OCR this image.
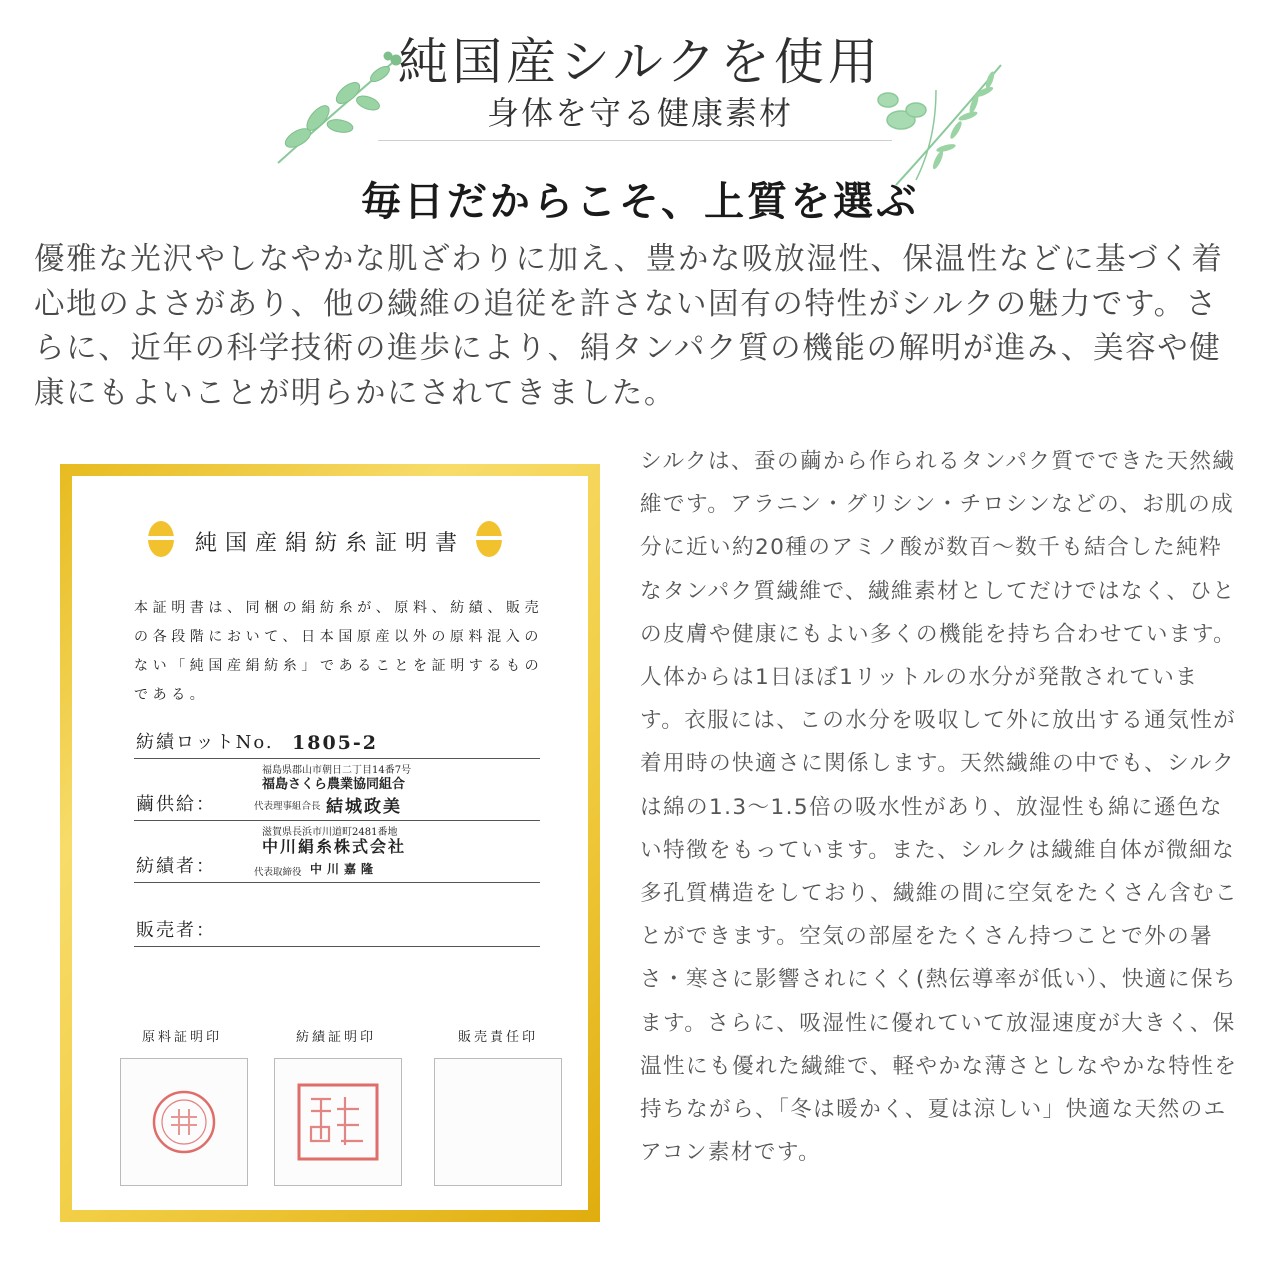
純国産シルクを使用
身体を守る健康素材
毎日だからこそ、上質を選ぶ

優雅な光沢やしなやかな肌ざわりに加え、豊かな吸放湿性、保温性などに基づく着心地のよさがあり、他の繊維の追従を許さない固有の特性がシルクの魅力です。さらに、近年の科学技術の進歩により、絹タンパク質の機能の解明が進み、美容や健康にもよいことが明らかにされてきました。

純国産絹紡糸証明書

本証明書は、同梱の絹紡糸が、原料、紡績、販売の各段階において、日本国原産以外の原料混入のない「純国産絹紡糸」であることを証明するものである。

紡績ロットNo. 1805-2
繭供給：
福島県郡山市朝日二丁目14番7号
福島さくら農業協同組合
代表理事組合長 結城政美
紡績者：
滋賀県長浜市川道町2481番地
中川絹糸株式会社
代表取締役 中川嘉隆
販売者：
原料証明印	紡績証明印	販売責任印

シルクは、蚕の繭から作られるタンパク質でできた天然繊維です。アラニン・グリシン・チロシンなどの、お肌の成分に近い約20種のアミノ酸が数百〜数千も結合した純粋なタンパク質繊維で、繊維素材としてだけではなく、ひとの皮膚や健康にもよい多くの機能を持ち合わせています。人体からは1日ほぼ1リットルの水分が発散されています。衣服には、この水分を吸収して外に放出する通気性が着用時の快適さに関係します。天然繊維の中でも、シルクは綿の1.3〜1.5倍の吸水性があり、放湿性も綿に遜色ない特徴をもっています。また、シルクは繊維自体が微細な多孔質構造をしており、繊維の間に空気をたくさん含むことができます。空気の部屋をたくさん持つことで外の暑さ・寒さに影響されにくく(熱伝導率が低い）、快適に保ちます。さらに、吸湿性に優れていて放湿速度が大きく、保温性にも優れた繊維で、軽やかな薄さとしなやかな特性を持ちながら、「冬は暖かく、夏は涼しい」快適な天然のエアコン素材です。
